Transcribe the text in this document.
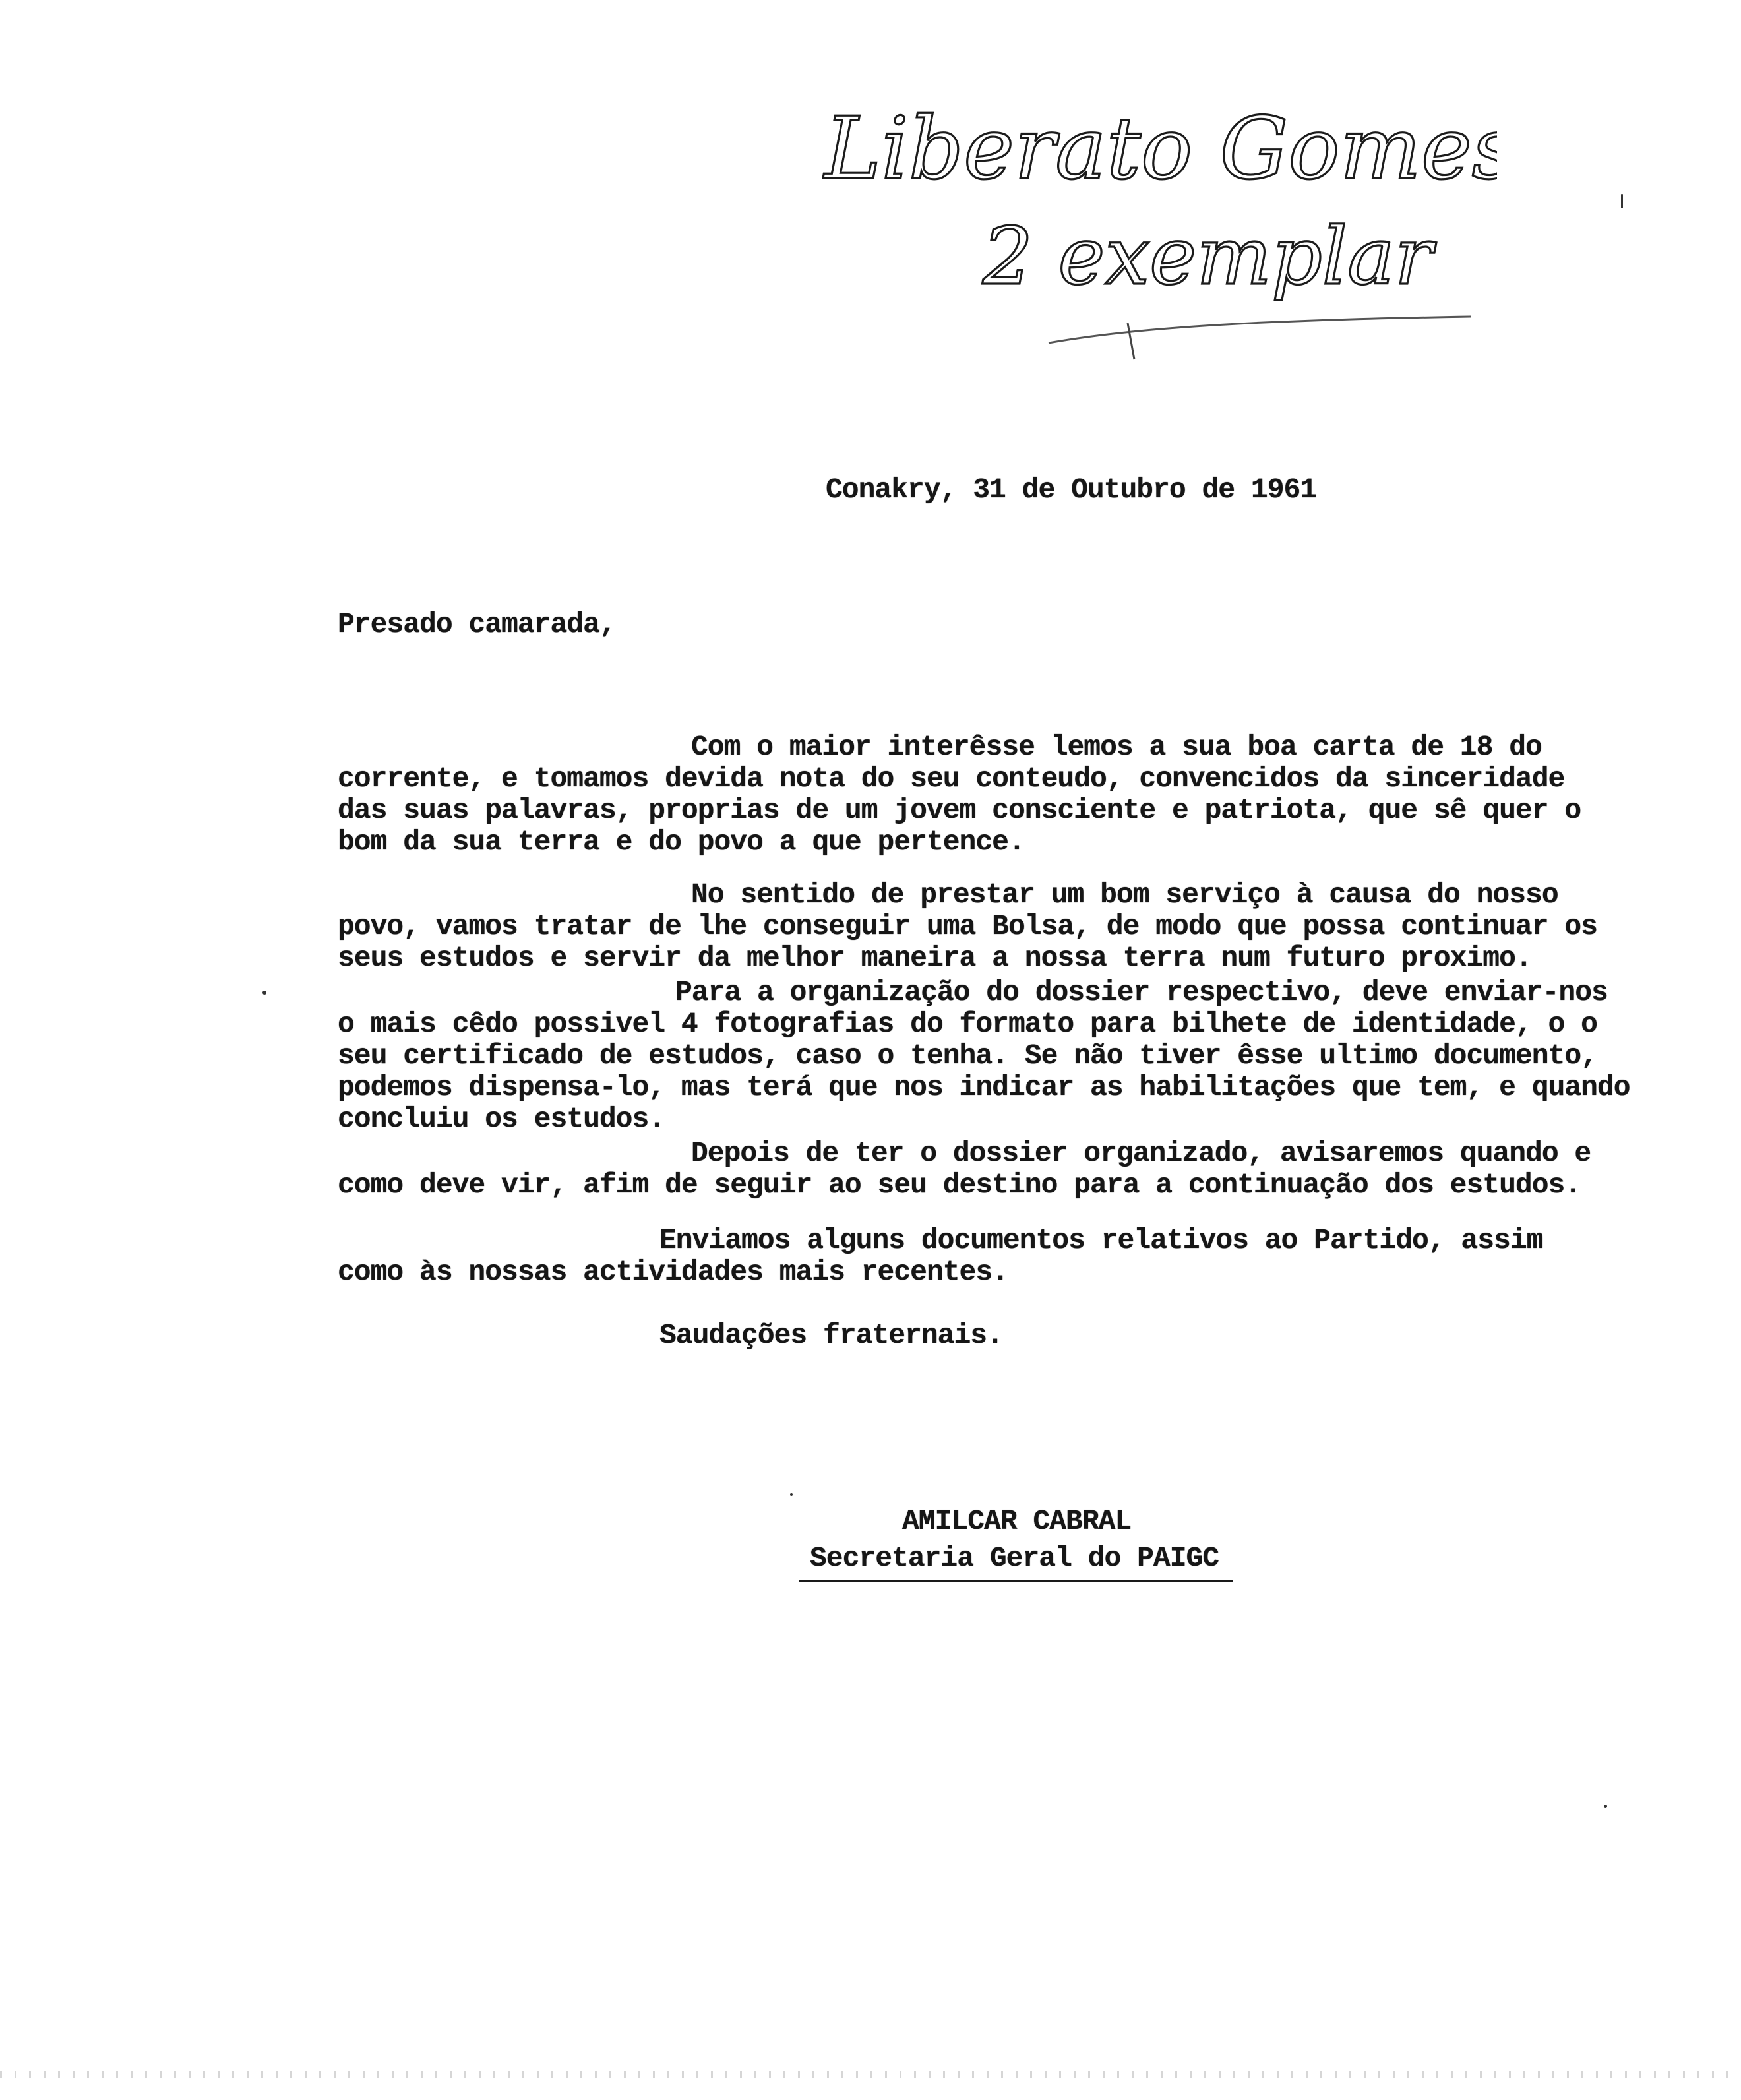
Liberato Gomes
2 exemplar
Conakry, 31 de Outubro de 1961
Presado camarada,
Com o maior interêsse lemos a sua boa carta de 18 do
corrente, e tomamos devida nota do seu conteudo, convencidos da sinceridade
das suas palavras, proprias de um jovem consciente e patriota, que sê quer o
bom da sua terra e do povo a que pertence.
No sentido de prestar um bom serviço à causa do nosso
povo, vamos tratar de lhe conseguir uma Bolsa, de modo que possa continuar os
seus estudos e servir da melhor maneira a nossa terra num futuro proximo.
Para a organização do dossier respectivo, deve enviar-nos
o mais cêdo possivel 4 fotografias do formato para bilhete de identidade, o o
seu certificado de estudos, caso o tenha. Se não tiver êsse ultimo documento,
podemos dispensa-lo, mas terá que nos indicar as habilitações que tem, e quando
concluiu os estudos.
Depois de ter o dossier organizado, avisaremos quando e
como deve vir, afim de seguir ao seu destino para a continuação dos estudos.
Enviamos alguns documentos relativos ao Partido, assim
como às nossas actividades mais recentes.
Saudações fraternais.
AMILCAR CABRAL
Secretaria Geral do PAIGC
